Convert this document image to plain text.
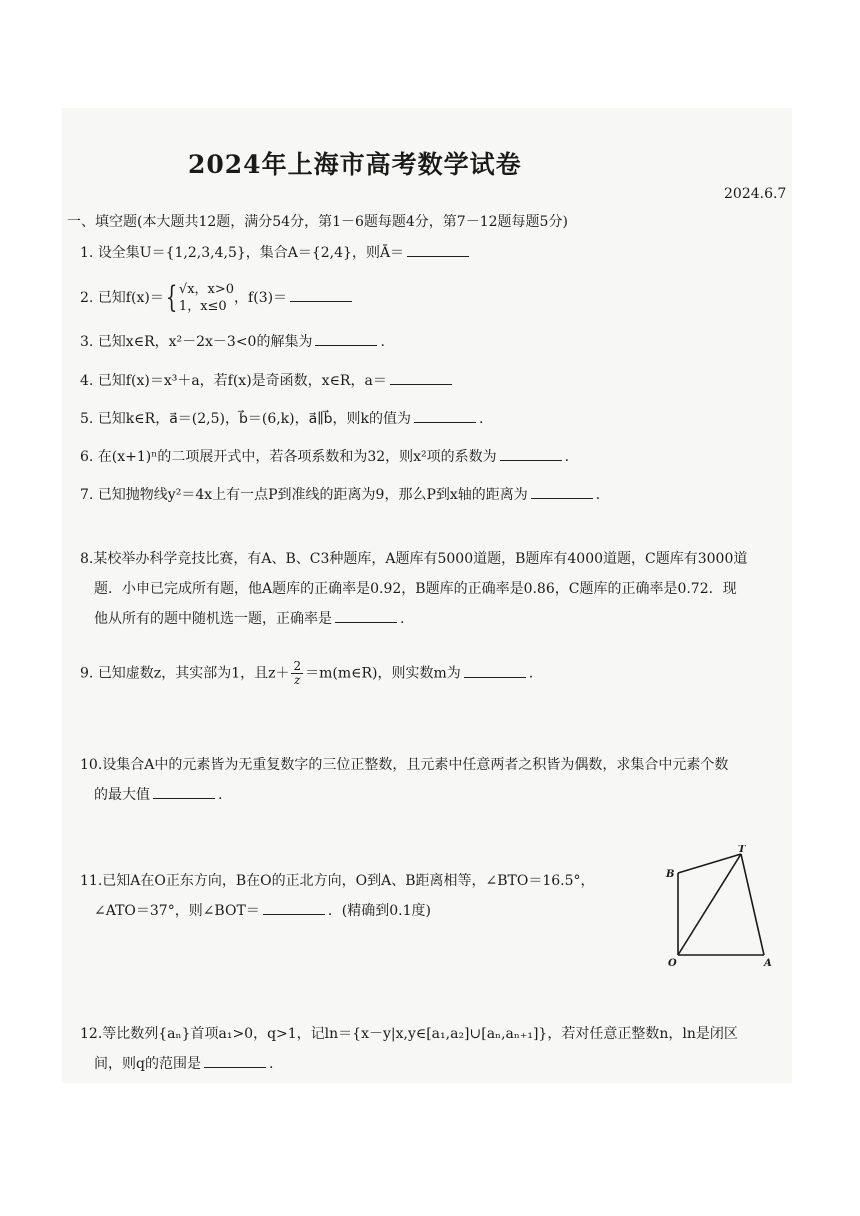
2024年上海市高考数学试卷
2024.6.7
一、填空题(本大题共12题，满分54分，第1－6题每题4分，第7－12题每题5分)
1. 设全集U＝{1,2,3,4,5}，集合A＝{2,4}，则Ā＝
2. 已知f(x)＝{ √x，x>0
1，x≤0
，f(3)＝
3. 已知x∈R，x²－2x－3<0的解集为	.
4. 已知f(x)＝x³＋a，若f(x)是奇函数，x∈R，a＝
5. 已知k∈R，a⃗＝(2,5)，b⃗＝(6,k)，a⃗∥b⃗，则k的值为	.
6. 在(x+1)ⁿ的二项展开式中，若各项系数和为32，则x²项的系数为	.
7. 已知抛物线y²＝4x上有一点P到准线的距离为9，那么P到x轴的距离为	.
8.某校举办科学竞技比赛，有A、B、C3种题库，A题库有5000道题，B题库有4000道题，C题库有3000道
题．小申已完成所有题，他A题库的正确率是0.92，B题库的正确率是0.86，C题库的正确率是0.72．现
他从所有的题中随机选一题，正确率是	.
9. 已知虚数z，其实部为1，且$z+ \frac{2}{z}$ ＝m(m∈R)，则实数m为	.
10.设集合A中的元素皆为无重复数字的三位正整数，且元素中任意两者之积皆为偶数，求集合中元素个数
的最大值	.
11.已知A在O正东方向，B在O的正北方向，O到A、B距离相等，∠BTO＝16.5°，
∠ATO＝37°，则∠BOT＝	．(精确到0.1度)
B
T
O	A
12.等比数列{aₙ}首项a₁>0，q>1，记ln＝{x－y|x,y∈[a₁,a₂]∪[aₙ,aₙ₊₁]}，若对任意正整数n，ln是闭区
间，则q的范围是	.
